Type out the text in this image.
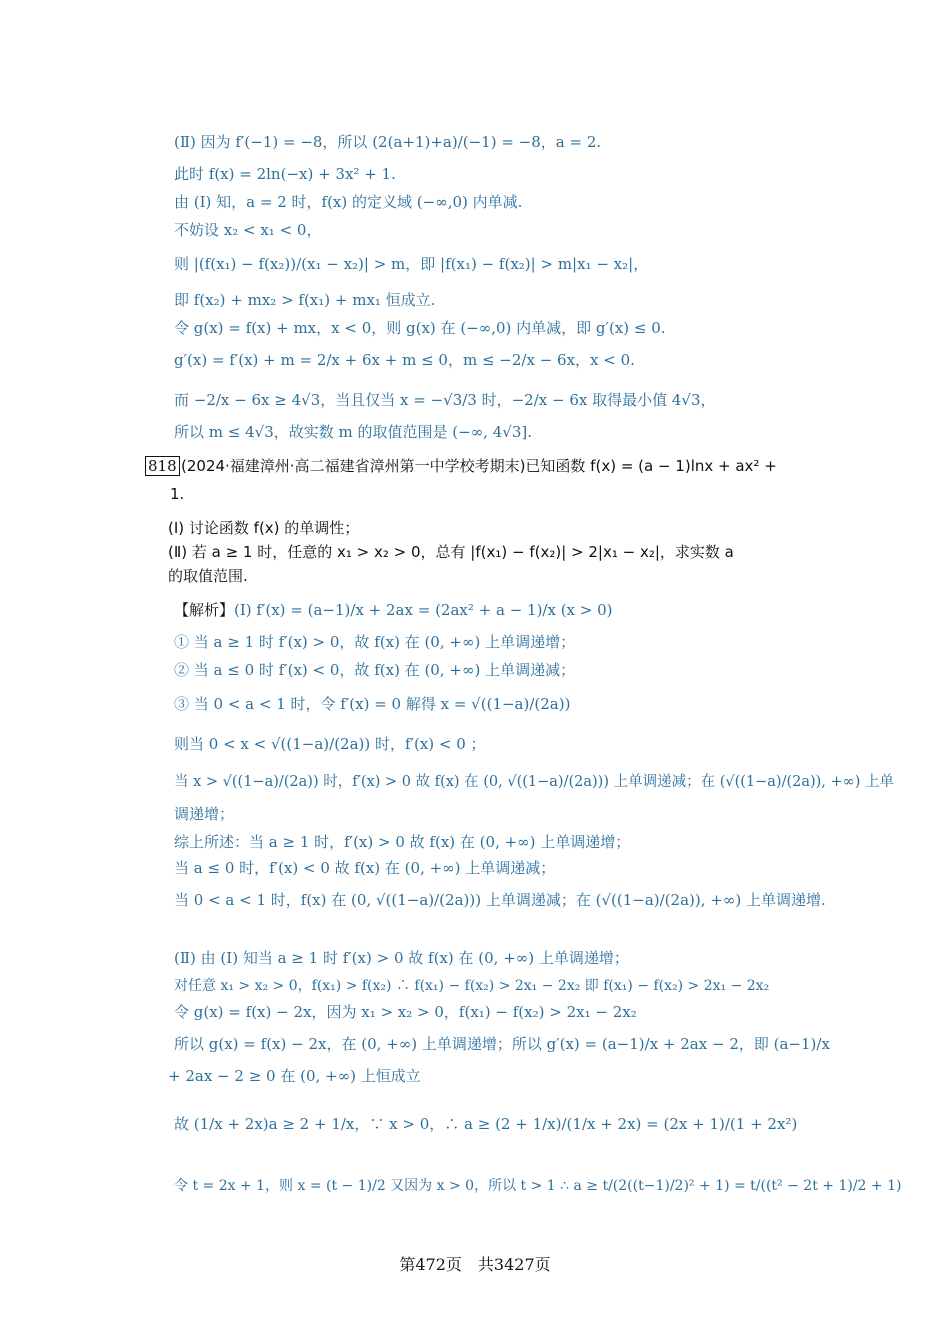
(Ⅱ) 因为 f′(−1) = −8，所以 (2(a+1)+a)/(−1) = −8，a = 2.
此时 f(x) = 2ln(−x) + 3x² + 1.
由 (Ⅰ) 知，a = 2 时，f(x) 的定义域 (−∞,0) 内单减.
不妨设 x₂ < x₁ < 0，
则 |(f(x₁) − f(x₂))/(x₁ − x₂)| > m，即 |f(x₁) − f(x₂)| > m|x₁ − x₂|，
即 f(x₂) + mx₂ > f(x₁) + mx₁ 恒成立.
令 g(x) = f(x) + mx，x < 0，则 g(x) 在 (−∞,0) 内单减，即 g′(x) ≤ 0.
g′(x) = f′(x) + m = 2/x + 6x + m ≤ 0，m ≤ −2/x − 6x，x < 0.
而 −2/x − 6x ≥ 4√3，当且仅当 x = −√3/3 时，−2/x − 6x 取得最小值 4√3，
所以 m ≤ 4√3，故实数 m 的取值范围是 (−∞, 4√3].
818 (2024·福建漳州·高二福建省漳州第一中学校考期末)已知函数 f(x) = (a − 1)lnx + ax² +
1.
(Ⅰ) 讨论函数 f(x) 的单调性；
(Ⅱ) 若 a ≥ 1 时，任意的 x₁ > x₂ > 0，总有 |f(x₁) − f(x₂)| > 2|x₁ − x₂|，求实数 a
的取值范围.
【解析】(Ⅰ) f′(x) = (a−1)/x + 2ax = (2ax² + a − 1)/x (x > 0)
① 当 a ≥ 1 时 f′(x) > 0，故 f(x) 在 (0, +∞) 上单调递增；
② 当 a ≤ 0 时 f′(x) < 0，故 f(x) 在 (0, +∞) 上单调递减；
③ 当 0 < a < 1 时，令 f′(x) = 0 解得 x = √((1−a)/(2a))
则当 0 < x < √((1−a)/(2a)) 时，f′(x) < 0 ；
当 x > √((1−a)/(2a)) 时，f′(x) > 0 故 f(x) 在 (0, √((1−a)/(2a))) 上单调递减；在 (√((1−a)/(2a)), +∞) 上单
调递增；
综上所述：当 a ≥ 1 时，f′(x) > 0 故 f(x) 在 (0, +∞) 上单调递增；
当 a ≤ 0 时，f′(x) < 0 故 f(x) 在 (0, +∞) 上单调递减；
当 0 < a < 1 时，f(x) 在 (0, √((1−a)/(2a))) 上单调递减；在 (√((1−a)/(2a)), +∞) 上单调递增.
(Ⅱ) 由 (Ⅰ) 知当 a ≥ 1 时 f′(x) > 0 故 f(x) 在 (0, +∞) 上单调递增；
对任意 x₁ > x₂ > 0，f(x₁) > f(x₂) ∴ f(x₁) − f(x₂) > 2x₁ − 2x₂ 即 f(x₁) − f(x₂) > 2x₁ − 2x₂
令 g(x) = f(x) − 2x，因为 x₁ > x₂ > 0，f(x₁) − f(x₂) > 2x₁ − 2x₂
所以 g(x) = f(x) − 2x，在 (0, +∞) 上单调递增；所以 g′(x) = (a−1)/x + 2ax − 2，即 (a−1)/x
+ 2ax − 2 ≥ 0 在 (0, +∞) 上恒成立
故 (1/x + 2x)a ≥ 2 + 1/x，∵ x > 0，∴ a ≥ (2 + 1/x)/(1/x + 2x) = (2x + 1)/(1 + 2x²)
令 t = 2x + 1，则 x = (t − 1)/2 又因为 x > 0，所以 t > 1 ∴ a ≥ t/(2((t−1)/2)² + 1) = t/((t² − 2t + 1)/2 + 1)
第472页　共3427页
